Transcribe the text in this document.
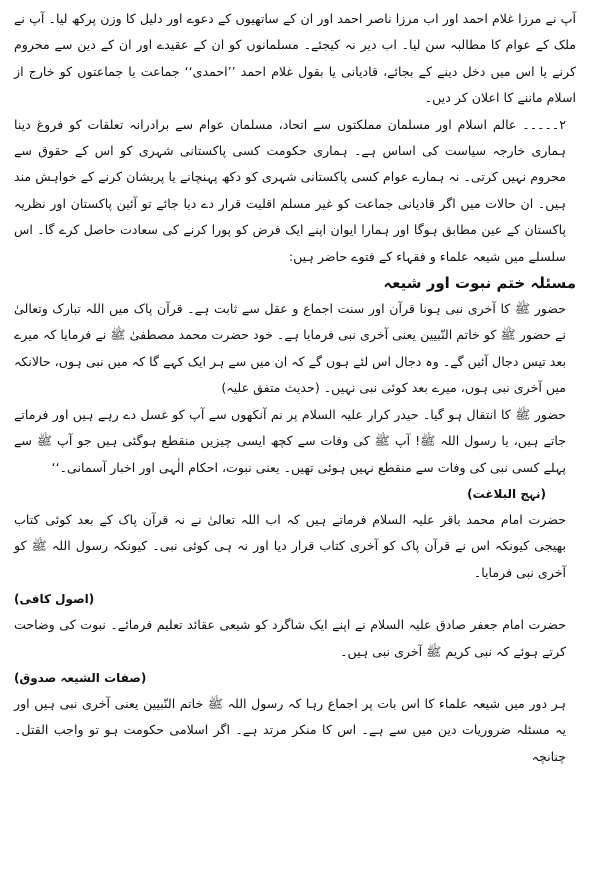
آپ نے مرزا غلام احمد اور اب مرزا ناصر احمد اور ان کے ساتھیوں کے دعوے اور دلیل کا وزن پرکھ لیا۔ آپ نے ملک کے عوام کا مطالبہ سن لیا۔ اب دیر نہ کیجئے۔ مسلمانوں کو ان کے عقیدے اور ان کے دین سے محروم کرنے یا اس میں دخل دینے کے بجائے، قادیانی یا بقول غلام احمد ’’احمدی‘‘ جماعت یا جماعتوں کو خارج از اسلام ماننے کا اعلان کر دیں۔

۲۔۔۔۔۔ عالم اسلام اور مسلمان مملکتوں سے اتحاد، مسلمان عوام سے برادرانہ تعلقات کو فروغ دینا ہماری خارجہ سیاست کی اساس ہے۔ ہماری حکومت کسی پاکستانی شہری کو اس کے حقوق سے محروم نہیں کرتی۔ نہ ہمارے عوام کسی پاکستانی شہری کو دکھ پہنچانے یا پریشان کرنے کے خواہش مند ہیں۔ ان حالات میں اگر قادیانی جماعت کو غیر مسلم اقلیت قرار دے دیا جائے تو آئین پاکستان اور نظریہ پاکستان کے عین مطابق ہوگا اور ہمارا ایوان اپنے ایک فرض کو پورا کرنے کی سعادت حاصل کرے گا۔ اس سلسلے میں شیعہ علماء و فقہاء کے فتوے حاضر ہیں:

مسئلہ ختم نبوت اور شیعہ

حضور ﷺ کا آخری نبی ہونا قرآن اور سنت اجماع و عقل سے ثابت ہے۔ قرآن پاک میں اللہ تبارک وتعالیٰ نے حضور ﷺ کو خاتم النّبیین یعنی آخری نبی فرمایا ہے۔ خود حضرت محمد مصطفیٰ ﷺ نے فرمایا کہ میرے بعد تیس دجال آئیں گے۔ وہ دجال اس لئے ہوں گے کہ ان میں سے ہر ایک کہے گا کہ میں نبی ہوں، حالانکہ میں آخری نبی ہوں، میرے بعد کوئی نبی نہیں۔ (حدیث متفق علیہ)

حضور ﷺ کا انتقال ہو گیا۔ حیدر کرار علیہ السلام پر نم آنکھوں سے آپ کو غسل دے رہے ہیں اور فرماتے جاتے ہیں، یا رسول اللہ ﷺ! آپ ﷺ کی وفات سے کچھ ایسی چیزیں منقطع ہوگئی ہیں جو آپ ﷺ سے پہلے کسی نبی کی وفات سے منقطع نہیں ہوئی تھیں۔ یعنی نبوت، احکام الٰہی اور اخبار آسمانی۔‘‘

(نہج البلاغت)

حضرت امام محمد باقر علیہ السلام فرماتے ہیں کہ اب اللہ تعالیٰ نے نہ قرآن پاک کے بعد کوئی کتاب بھیجی کیونکہ اس نے قرآن پاک کو آخری کتاب قرار دیا اور نہ ہی کوئی نبی۔ کیونکہ رسول اللہ ﷺ کو آخری نبی فرمایا۔

(اصول کافی)

حضرت امام جعفر صادق علیہ السلام نے اپنے ایک شاگرد کو شیعی عقائد تعلیم فرمائے۔ نبوت کی وضاحت کرتے ہوئے کہ نبی کریم ﷺ آخری نبی ہیں۔

(صفات الشیعہ صدوق)

ہر دور میں شیعہ علماء کا اس بات پر اجماع رہا کہ رسول اللہ ﷺ خاتم النّبیین یعنی آخری نبی ہیں اور یہ مسئلہ ضروریات دین میں سے ہے۔ اس کا منکر مرتد ہے۔ اگر اسلامی حکومت ہو تو واجب القتل۔ چنانچہ
